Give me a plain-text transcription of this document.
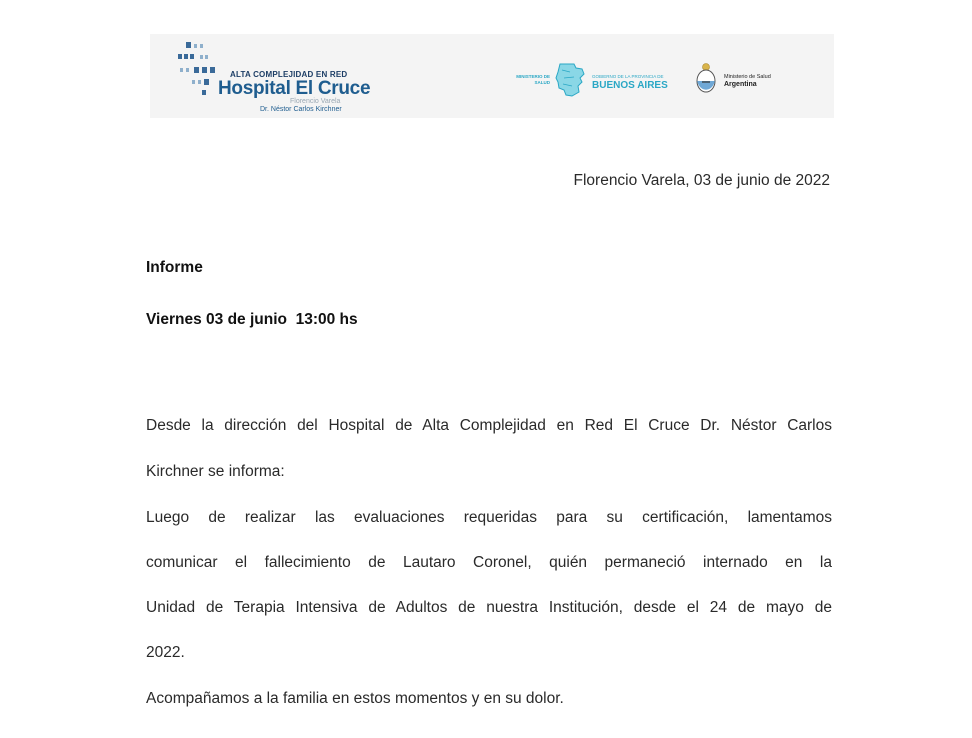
ALTA COMPLEJIDAD EN RED
Hospital El Cruce
Florencio Varela
Dr. Néstor Carlos Kirchner
MINISTERIO DE SALUD
GOBIERNO DE LA PROVINCIA DE
BUENOS AIRES
Ministerio de Salud
Argentina
Florencio Varela, 03 de junio de 2022
Informe
Viernes 03 de junio  13:00 hs
Desde la dirección del Hospital de Alta Complejidad en Red El Cruce Dr. Néstor Carlos
Kirchner se informa:
Luego de realizar las evaluaciones requeridas para su certificación, lamentamos
comunicar el fallecimiento de Lautaro Coronel, quién permaneció internado en la
Unidad de Terapia Intensiva de Adultos de nuestra Institución, desde el 24 de mayo de
2022.
Acompañamos a la familia en estos momentos y en su dolor.
